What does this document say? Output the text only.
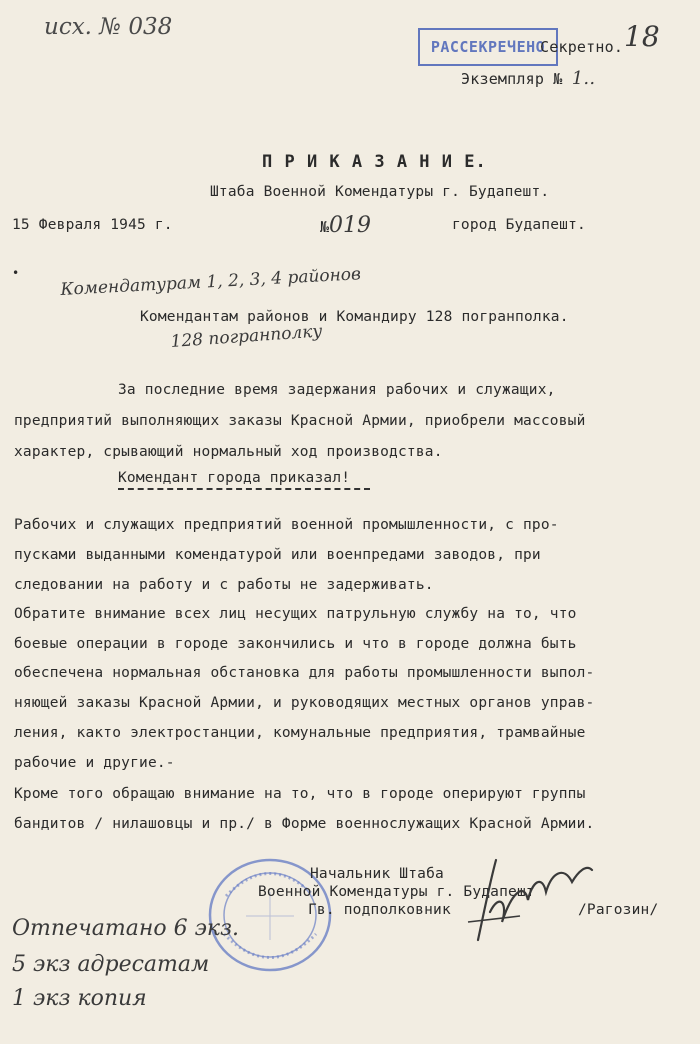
исх. № 038
РАССЕКРЕЧЕНО
Секретно. 18
Экземпляр № 1..
П Р И К А З А Н И Е.
Штаба Военной Комендатуры г. Будапешт.
15 Февраля 1945 г.	№019	город Будапешт.
• Комендатурам 1, 2, 3, 4 районов
128 погранполку
Комендантам районов и Командиру 128 погранполка.
За последние время задержания рабочих и служащих,
предприятий выполняющих заказы Красной Армии, приобрели массовый
характер, срывающий нормальный ход производства.
Комендант города приказал!
Рабочих и служащих предприятий военной промышленности, с про-
пусками выданными комендатурой или военпредами заводов, при
следовании на работу и с работы не задерживать.
Обратите внимание всех лиц несущих патрульную службу на то, что
боевые операции в городе закончились и что в городе должна быть
обеспечена нормальная обстановка для работы промышленности выпол-
няющей заказы Красной Армии, и руководящих местных органов управ-
ления, както электростанции, комунальные предприятия, трамвайные
рабочие и другие.-
Кроме того обращаю внимание на то, что в городе оперируют группы
бандитов / нилашовцы и пр./ в Форме военнослужащих Красной Армии.
Начальник Штаба
Военной Комендатуры г. Будапешт
Гв. подполковник	/Рагозин/
Отпечатано 6 экз.
5 экз адресатам
1 экз копия
